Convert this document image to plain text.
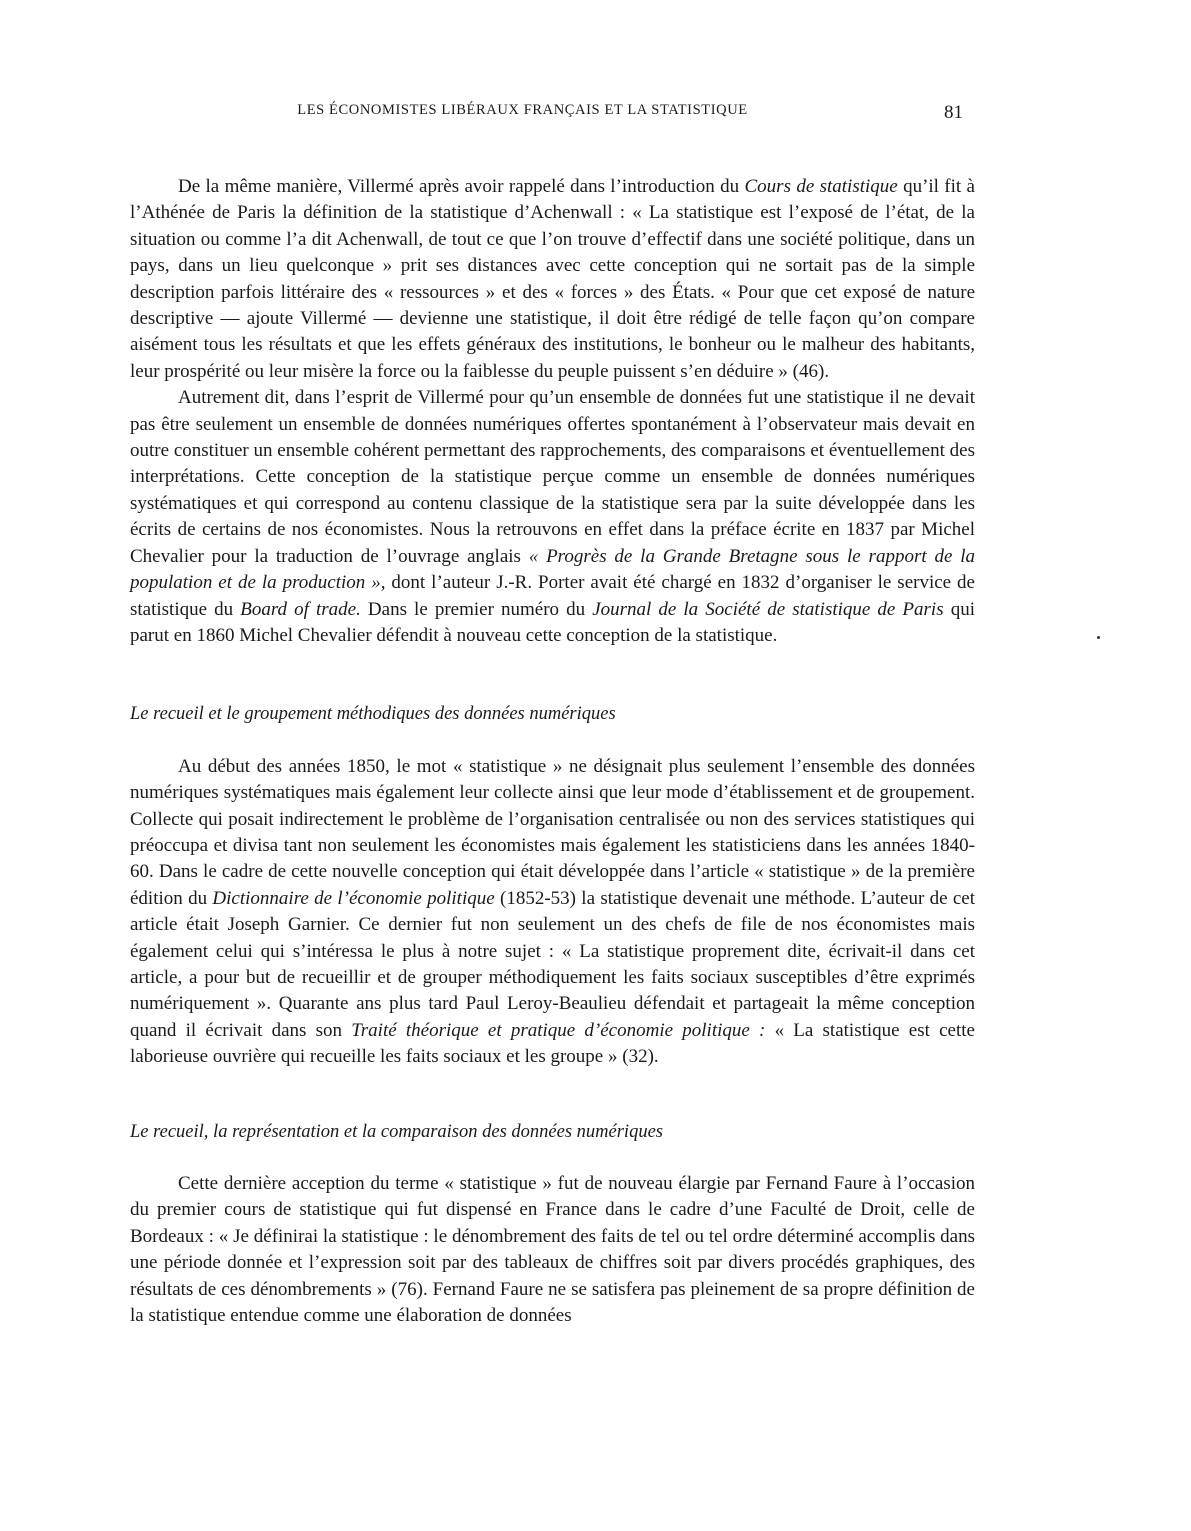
LES ÉCONOMISTES LIBÉRAUX FRANÇAIS ET LA STATISTIQUE	81

De la même manière, Villermé après avoir rappelé dans l’introduction du Cours de statistique qu’il fit à l’Athénée de Paris la définition de la statistique d’Achenwall : « La statistique est l’exposé de l’état, de la situation ou comme l’a dit Achenwall, de tout ce que l’on trouve d’effectif dans une société politique, dans un pays, dans un lieu quelconque » prit ses distances avec cette conception qui ne sortait pas de la simple description parfois littéraire des « ressources » et des « forces » des États. « Pour que cet exposé de nature descriptive — ajoute Villermé — devienne une statistique, il doit être rédigé de telle façon qu’on compare aisément tous les résultats et que les effets généraux des institutions, le bonheur ou le malheur des habitants, leur prospérité ou leur misère la force ou la faiblesse du peuple puissent s’en déduire » (46).

Autrement dit, dans l’esprit de Villermé pour qu’un ensemble de données fut une statistique il ne devait pas être seulement un ensemble de données numériques offertes spontanément à l’observateur mais devait en outre constituer un ensemble cohérent permettant des rapprochements, des comparaisons et éventuellement des interprétations. Cette conception de la statistique perçue comme un ensemble de données numériques systématiques et qui correspond au contenu classique de la statistique sera par la suite développée dans les écrits de certains de nos économistes. Nous la retrouvons en effet dans la préface écrite en 1837 par Michel Chevalier pour la traduction de l’ouvrage anglais « Progrès de la Grande Bretagne sous le rapport de la population et de la production », dont l’auteur J.-R. Porter avait été chargé en 1832 d’organiser le service de statistique du Board of trade. Dans le premier numéro du Journal de la Société de statistique de Paris qui parut en 1860 Michel Chevalier défendit à nouveau cette conception de la statistique.

Le recueil et le groupement méthodiques des données numériques

Au début des années 1850, le mot « statistique » ne désignait plus seulement l’ensemble des données numériques systématiques mais également leur collecte ainsi que leur mode d’établissement et de groupement. Collecte qui posait indirectement le problème de l’organisation centralisée ou non des services statistiques qui préoccupa et divisa tant non seulement les économistes mais également les statisticiens dans les années 1840-60. Dans le cadre de cette nouvelle conception qui était développée dans l’article « statistique » de la première édition du Dictionnaire de l’économie politique (1852-53) la statistique devenait une méthode. L’auteur de cet article était Joseph Garnier. Ce dernier fut non seulement un des chefs de file de nos économistes mais également celui qui s’intéressa le plus à notre sujet : « La statistique proprement dite, écrivait-il dans cet article, a pour but de recueillir et de grouper méthodiquement les faits sociaux susceptibles d’être exprimés numériquement ». Quarante ans plus tard Paul Leroy-Beaulieu défendait et partageait la même conception quand il écrivait dans son Traité théorique et pratique d’économie politique : « La statistique est cette laborieuse ouvrière qui recueille les faits sociaux et les groupe » (32).

Le recueil, la représentation et la comparaison des données numériques

Cette dernière acception du terme « statistique » fut de nouveau élargie par Fernand Faure à l’occasion du premier cours de statistique qui fut dispensé en France dans le cadre d’une Faculté de Droit, celle de Bordeaux : « Je définirai la statistique : le dénombrement des faits de tel ou tel ordre déterminé accomplis dans une période donnée et l’expression soit par des tableaux de chiffres soit par divers procédés graphiques, des résultats de ces dénombrements » (76). Fernand Faure ne se satisfera pas pleinement de sa propre définition de la statistique entendue comme une élaboration de données
